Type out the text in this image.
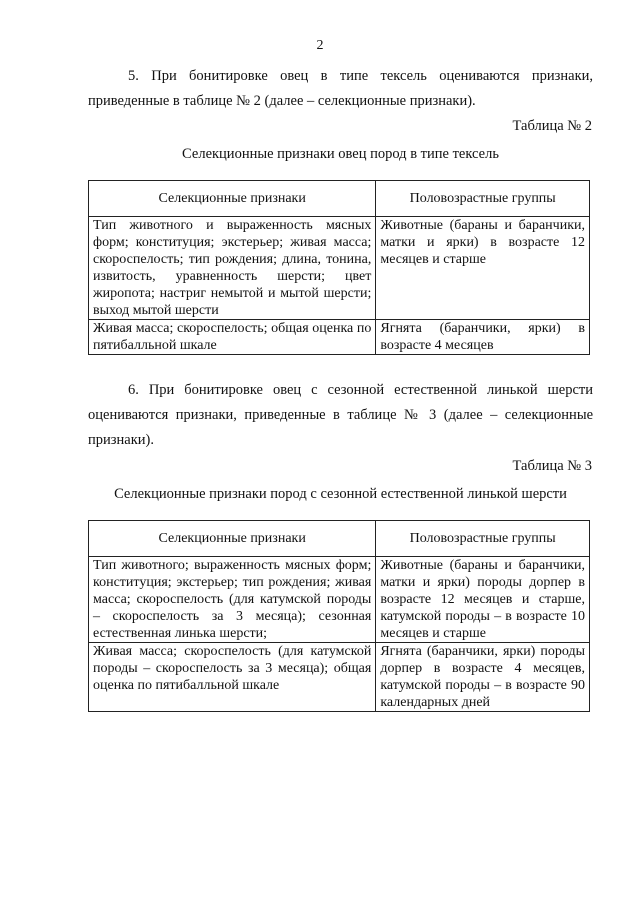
2

5. При бонитировке овец в типе тексель оцениваются признаки, приведенные в таблице № 2 (далее – селекционные признаки).

Таблица № 2
Селекционные признаки овец пород в типе тексель
Селекционные признаки	Половозрастные группы
Тип животного и выраженность мясных форм; конституция; экстерьер; живая масса; скороспелость; тип рождения; длина, тонина, извитость, уравненность шерсти; цвет жиропота; настриг немытой и мытой шерсти; выход мытой шерсти	Животные (бараны и баранчики, матки и ярки) в возрасте 12 месяцев и старше
Живая масса; скороспелость; общая оценка по пятибалльной шкале	Ягнята (баранчики, ярки) в возрасте 4 месяцев

6. При бонитировке овец с сезонной естественной линькой шерсти оцениваются признаки, приведенные в таблице № 3 (далее – селекционные признаки).

Таблица № 3
Селекционные признаки пород с сезонной естественной линькой шерсти
Селекционные признаки	Половозрастные группы
Тип животного; выраженность мясных форм; конституция; экстерьер; тип рождения; живая масса; скороспелость (для катумской породы – скороспелость за 3 месяца); сезонная естественная линька шерсти;	Животные (бараны и баранчики, матки и ярки) породы дорпер в возрасте 12 месяцев и старше, катумской породы – в возрасте 10 месяцев и старше
Живая масса; скороспелость (для катумской породы – скороспелость за 3 месяца); общая оценка по пятибалльной шкале	Ягнята (баранчики, ярки) породы дорпер в возрасте 4 месяцев, катумской породы – в возрасте 90 календарных дней
